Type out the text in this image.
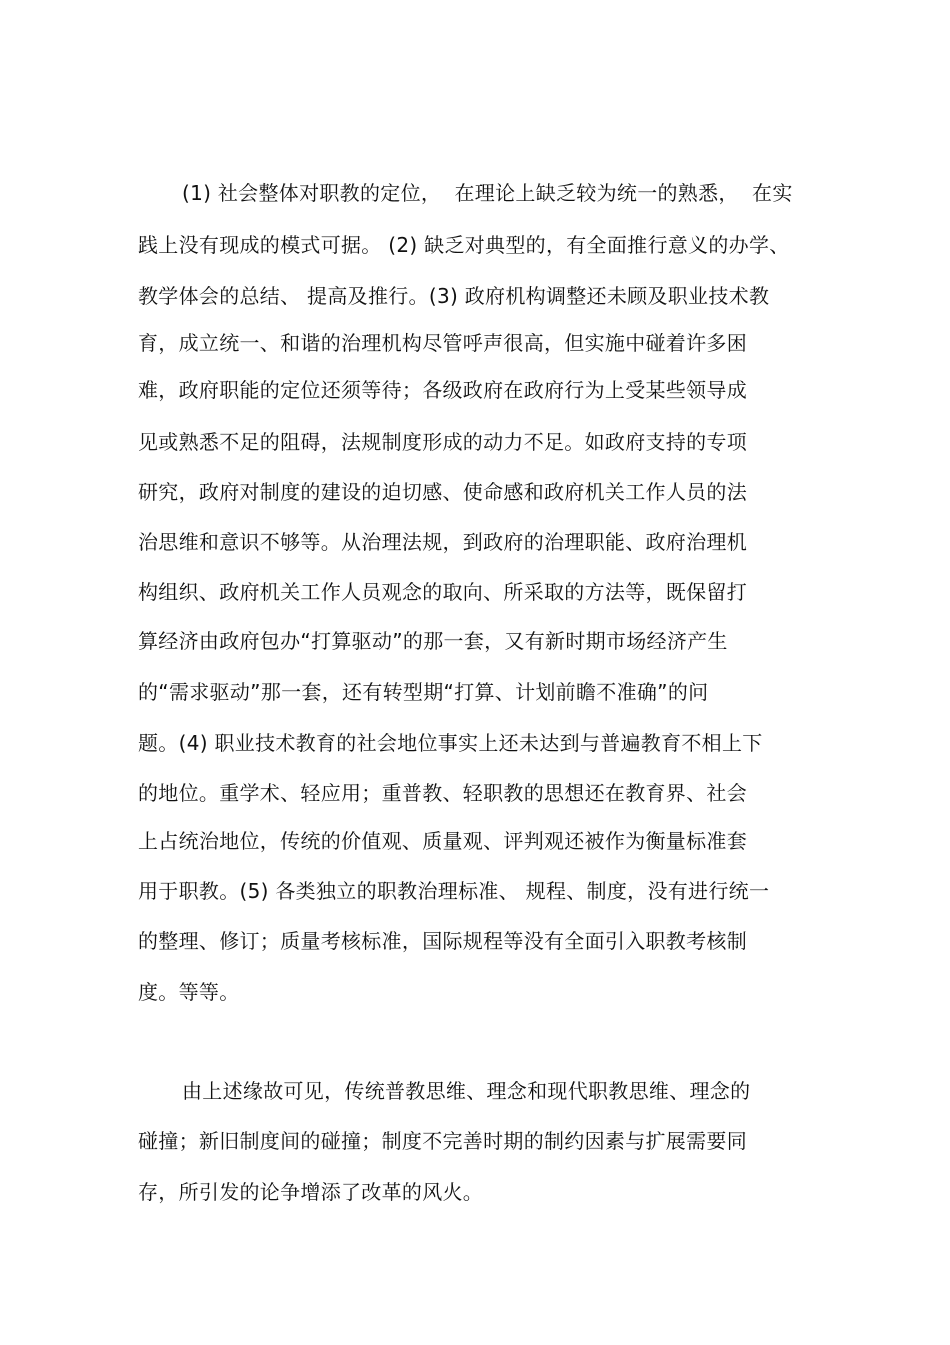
(1) 社会整体对职教的定位，  在理论上缺乏较为统一的熟悉，  在实
践上没有现成的模式可据。 (2) 缺乏对典型的，有全面推行意义的办学、
教学体会的总结、 提高及推行。(3) 政府机构调整还未顾及职业技术教
育，成立统一、和谐的治理机构尽管呼声很高，但实施中碰着许多困
难，政府职能的定位还须等待；各级政府在政府行为上受某些领导成
见或熟悉不足的阻碍，法规制度形成的动力不足。如政府支持的专项
研究，政府对制度的建设的迫切感、使命感和政府机关工作人员的法
治思维和意识不够等。从治理法规，到政府的治理职能、政府治理机
构组织、政府机关工作人员观念的取向、所采取的方法等，既保留打
算经济由政府包办“打算驱动”的那一套，又有新时期市场经济产生
的“需求驱动”那一套，还有转型期“打算、计划前瞻不准确”的问
题。(4) 职业技术教育的社会地位事实上还未达到与普遍教育不相上下
的地位。重学术、轻应用；重普教、轻职教的思想还在教育界、社会
上占统治地位，传统的价值观、质量观、评判观还被作为衡量标准套
用于职教。(5) 各类独立的职教治理标准、 规程、制度，没有进行统一
的整理、修订；质量考核标准，国际规程等没有全面引入职教考核制
度。等等。
由上述缘故可见，传统普教思维、理念和现代职教思维、理念的
碰撞；新旧制度间的碰撞；制度不完善时期的制约因素与扩展需要同
存，所引发的论争增添了改革的风火。
